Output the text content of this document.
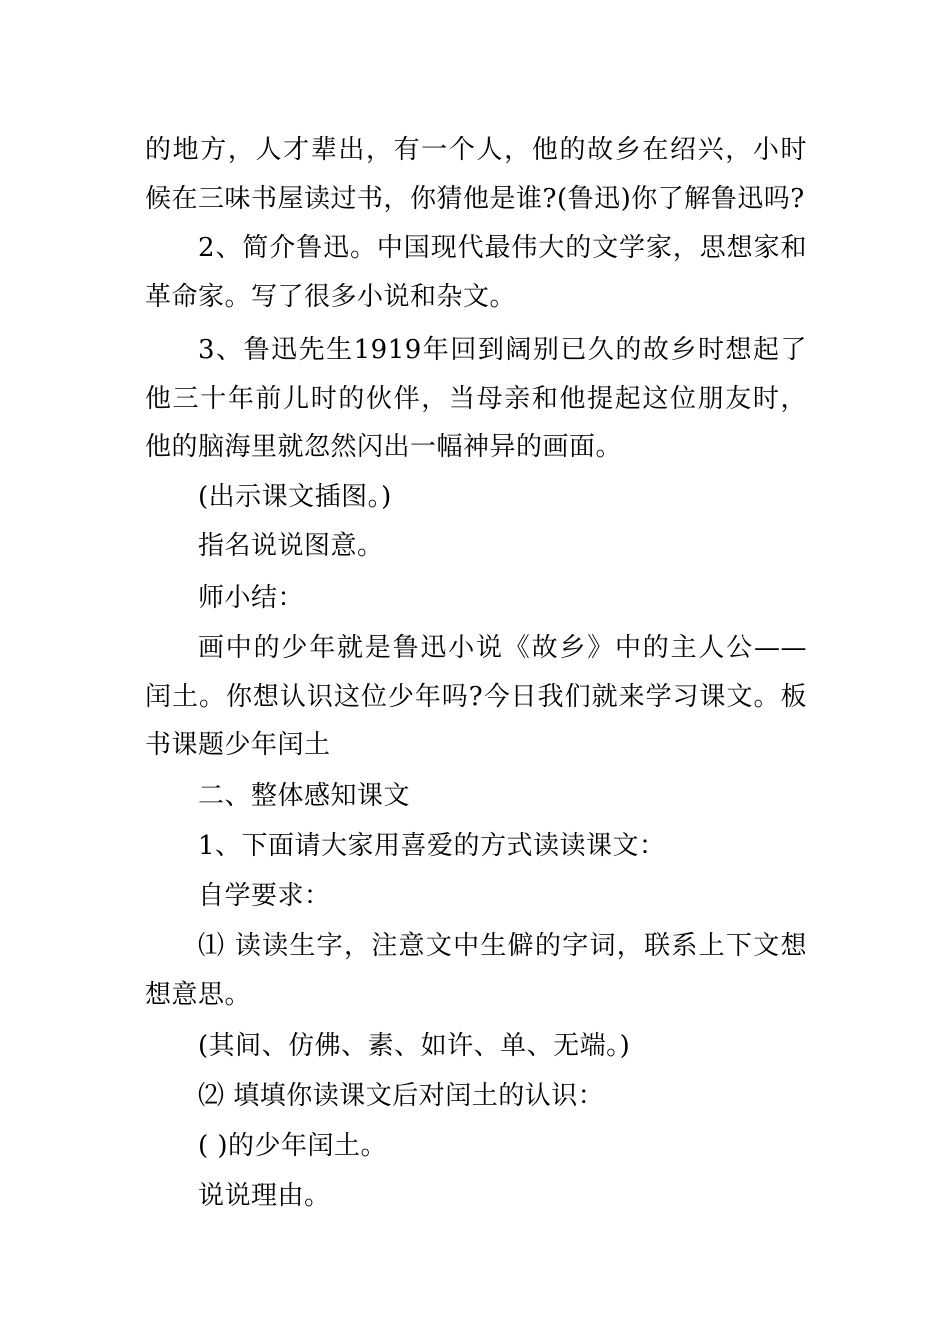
的地方，人才辈出，有一个人，他的故乡在绍兴，小时候在三味书屋读过书，你猜他是谁?(鲁迅)你了解鲁迅吗?

2、简介鲁迅。中国现代最伟大的文学家，思想家和革命家。写了很多小说和杂文。

3、鲁迅先生1919年回到阔别已久的故乡时想起了他三十年前儿时的伙伴，当母亲和他提起这位朋友时，他的脑海里就忽然闪出一幅神异的画面。

(出示课文插图。)

指名说说图意。

师小结：

画中的少年就是鲁迅小说《故乡》中的主人公——闰土。你想认识这位少年吗?今日我们就来学习课文。板书课题少年闰土

二、整体感知课文

1、下面请大家用喜爱的方式读读课文：

自学要求：

⑴ 读读生字，注意文中生僻的字词，联系上下文想想意思。

(其间、仿佛、素、如许、单、无端。)

⑵ 填填你读课文后对闰土的认识：

( )的少年闰土。

说说理由。
